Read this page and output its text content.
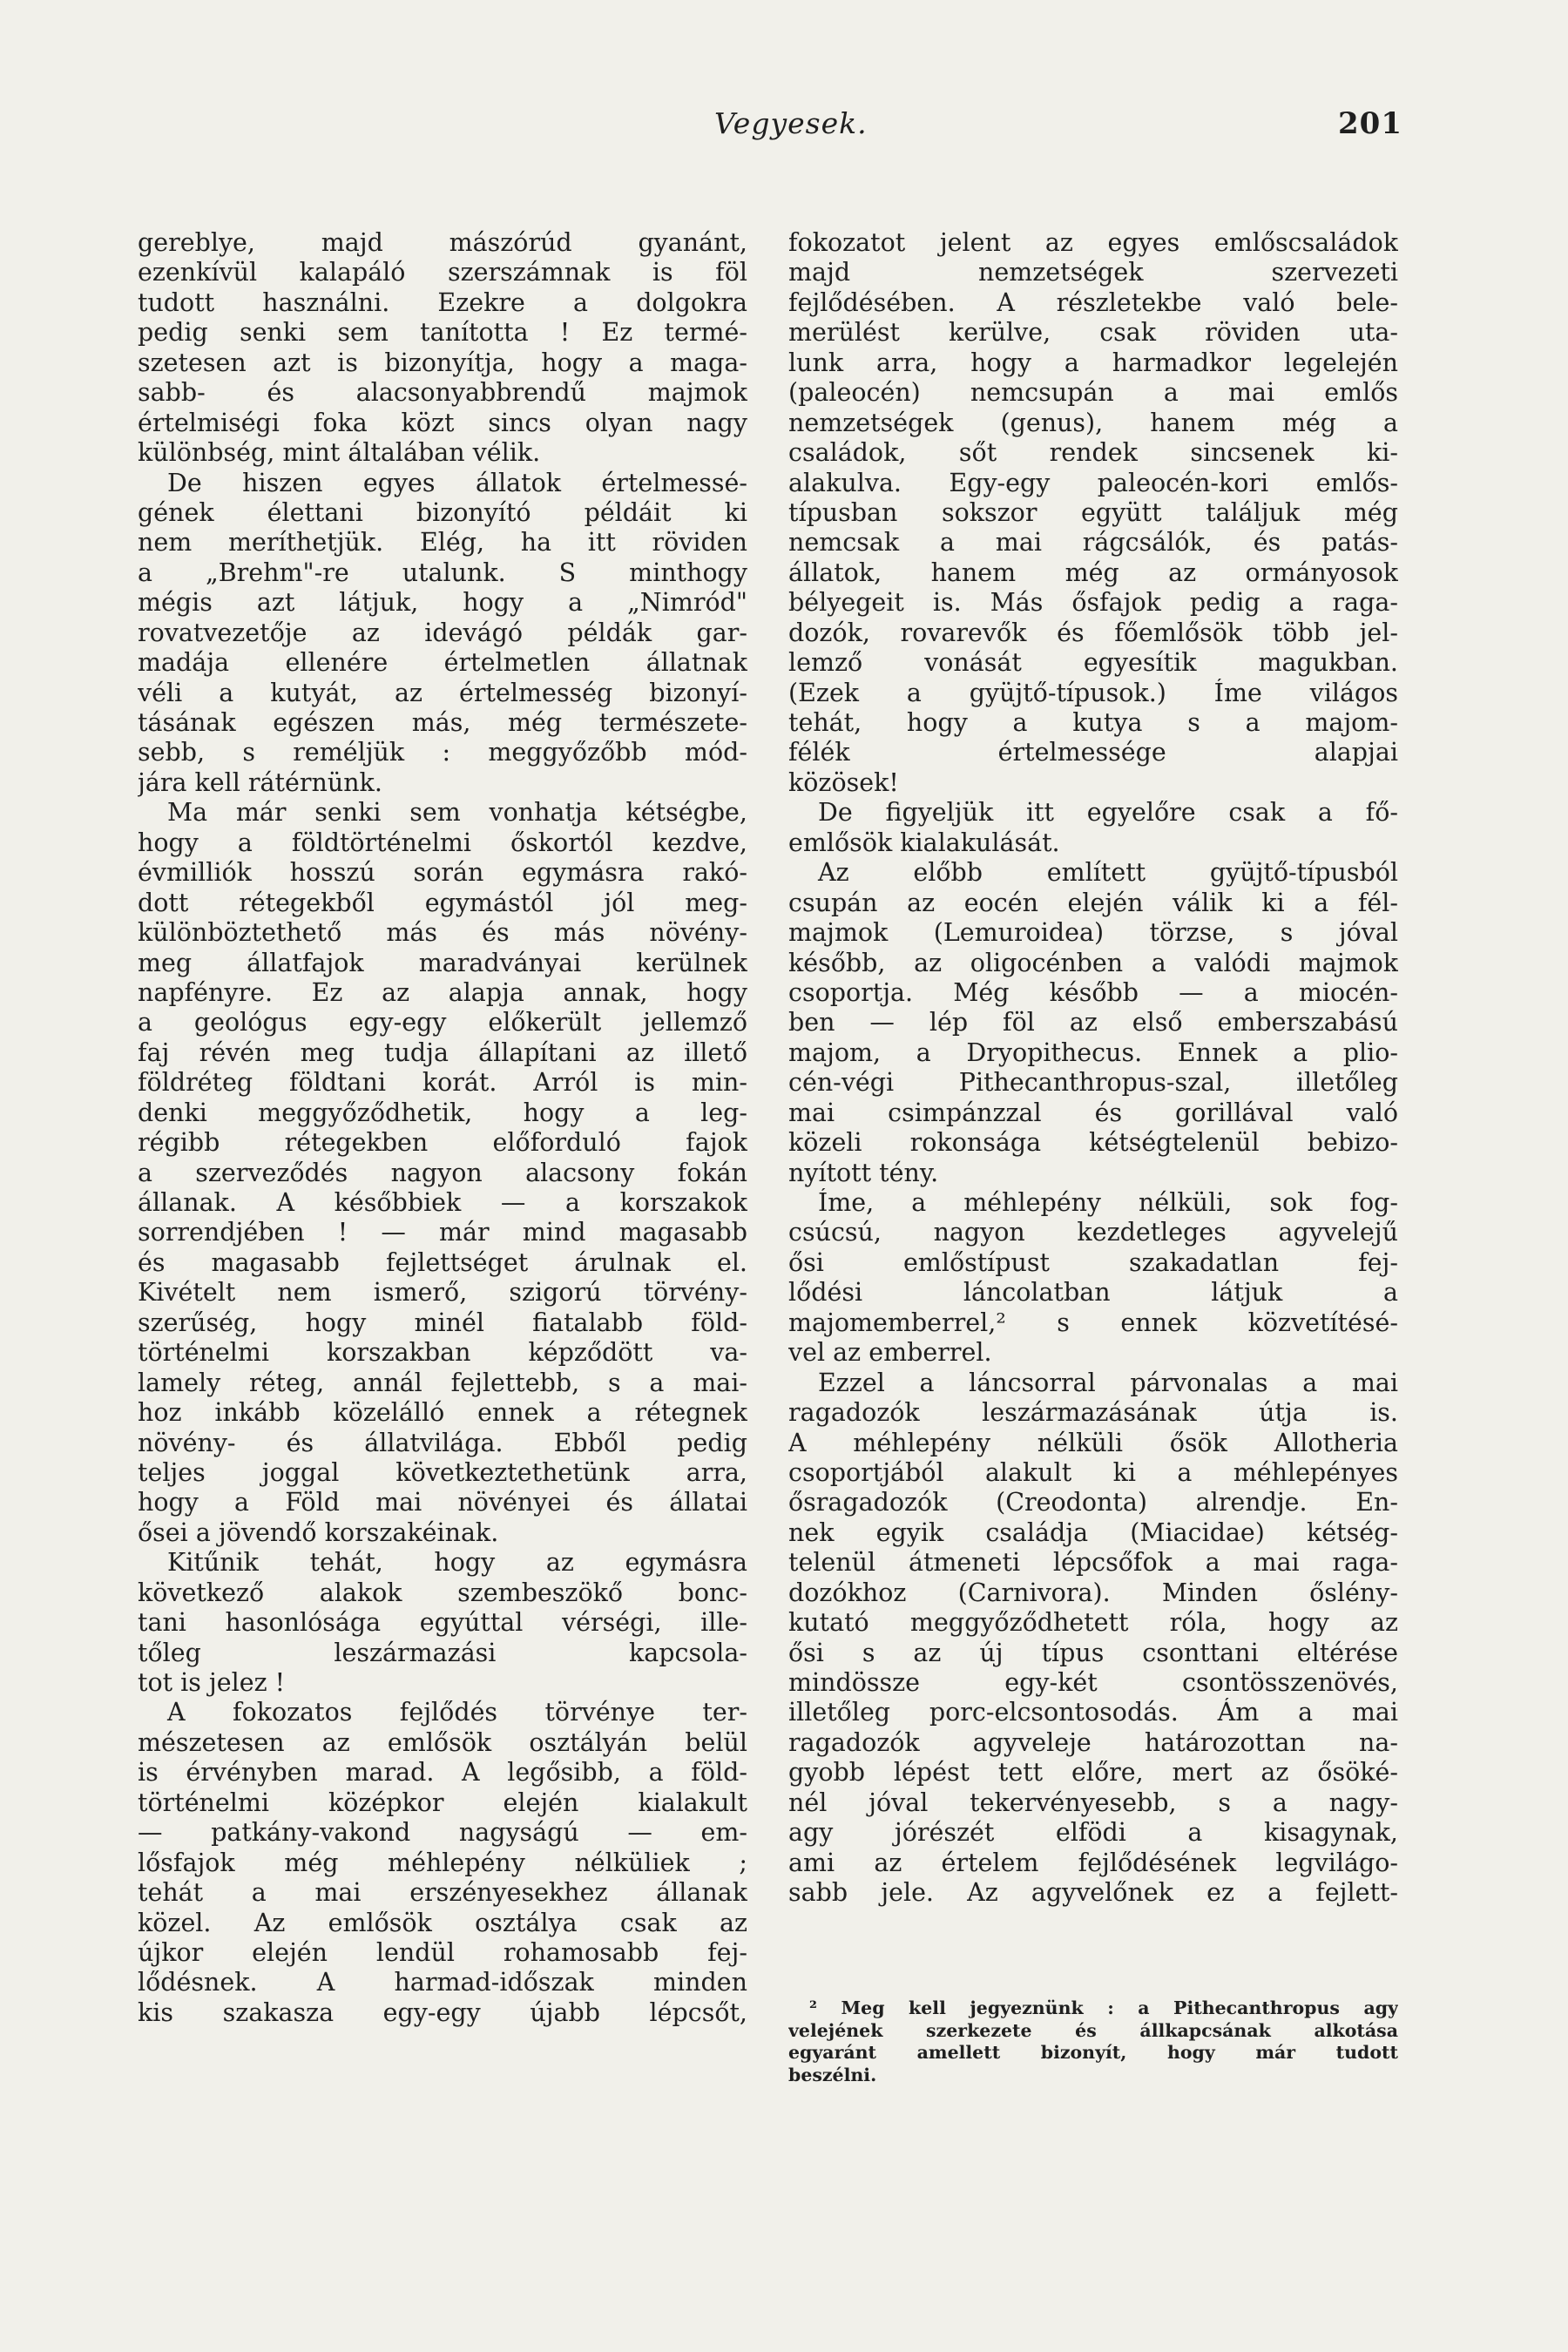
Vegyesek.	201
gereblye, majd mászórúd gyanánt,
ezenkívül kalapáló szerszámnak is föl
tudott használni. Ezekre a dolgokra
pedig senki sem tanította ! Ez termé-
szetesen azt is bizonyítja, hogy a maga-
sabb- és alacsonyabbrendű majmok
értelmiségi foka közt sincs olyan nagy
különbség, mint általában vélik.
De hiszen egyes állatok értelmessé-
gének élettani bizonyító példáit ki
nem meríthetjük. Elég, ha itt röviden
a „Brehm"-re utalunk. S minthogy
mégis azt látjuk, hogy a „Nimród"
rovatvezetője az idevágó példák gar-
madája ellenére értelmetlen állatnak
véli a kutyát, az értelmesség bizonyí-
tásának egészen más, még természete-
sebb, s reméljük : meggyőzőbb mód-
jára kell rátérnünk.
Ma már senki sem vonhatja kétségbe,
hogy a földtörténelmi őskortól kezdve,
évmilliók hosszú során egymásra rakó-
dott rétegekből egymástól jól meg-
különböztethető más és más növény-
meg állatfajok maradványai kerülnek
napfényre. Ez az alapja annak, hogy
a geológus egy-egy előkerült jellemző
faj révén meg tudja állapítani az illető
földréteg földtani korát. Arról is min-
denki meggyőződhetik, hogy a leg-
régibb rétegekben előforduló fajok
a szerveződés nagyon alacsony fokán
állanak. A későbbiek — a korszakok
sorrendjében ! — már mind magasabb
és magasabb fejlettséget árulnak el.
Kivételt nem ismerő, szigorú törvény-
szerűség, hogy minél fiatalabb föld-
történelmi korszakban képződött va-
lamely réteg, annál fejlettebb, s a mai-
hoz inkább közelálló ennek a rétegnek
növény- és állatvilága. Ebből pedig
teljes joggal következtethetünk arra,
hogy a Föld mai növényei és állatai
ősei a jövendő korszakéinak.
Kitűnik tehát, hogy az egymásra
következő alakok szembeszökő bonc-
tani hasonlósága egyúttal vérségi, ille-
tőleg leszármazási kapcsola-
tot is jelez !
A fokozatos fejlődés törvénye ter-
mészetesen az emlősök osztályán belül
is érvényben marad. A legősibb, a föld-
történelmi középkor elején kialakult
— patkány-vakond nagyságú — em-
lősfajok még méhlepény nélküliek ;
tehát a mai erszényesekhez állanak
közel. Az emlősök osztálya csak az
újkor elején lendül rohamosabb fej-
lődésnek. A harmad-időszak minden
kis szakasza egy-egy újabb lépcsőt,
fokozatot jelent az egyes emlőscsaládok
majd nemzetségek szervezeti
fejlődésében. A részletekbe való bele-
merülést kerülve, csak röviden uta-
lunk arra, hogy a harmadkor legelején
(paleocén) nemcsupán a mai emlős
nemzetségek (genus), hanem még a
családok, sőt rendek sincsenek ki-
alakulva. Egy-egy paleocén-kori emlős-
típusban sokszor együtt találjuk még
nemcsak a mai rágcsálók, és patás-
állatok, hanem még az ormányosok
bélyegeit is. Más ősfajok pedig a raga-
dozók, rovarevők és főemlősök több jel-
lemző vonását egyesítik magukban.
(Ezek a gyüjtő-típusok.) Íme világos
tehát, hogy a kutya s a majom-
félék értelmessége alapjai
közösek!
De figyeljük itt egyelőre csak a fő-
emlősök kialakulását.
Az előbb említett gyüjtő-típusból
csupán az eocén elején válik ki a fél-
majmok (Lemuroidea) törzse, s jóval
később, az oligocénben a valódi majmok
csoportja. Még később — a miocén-
ben — lép föl az első emberszabású
majom, a Dryopithecus. Ennek a plio-
cén-végi Pithecanthropus-szal, illetőleg
mai csimpánzzal és gorillával való
közeli rokonsága kétségtelenül bebizo-
nyított tény.
Íme, a méhlepény nélküli, sok fog-
csúcsú, nagyon kezdetleges agyvelejű
ősi emlőstípust szakadatlan fej-
lődési láncolatban látjuk a
majomemberrel,² s ennek közvetítésé-
vel az emberrel.
Ezzel a láncsorral párvonalas a mai
ragadozók leszármazásának útja is.
A méhlepény nélküli ősök Allotheria
csoportjából alakult ki a méhlepényes
ősragadozók (Creodonta) alrendje. En-
nek egyik családja (Miacidae) kétség-
telenül átmeneti lépcsőfok a mai raga-
dozókhoz (Carnivora). Minden őslény-
kutató meggyőződhetett róla, hogy az
ősi s az új típus csonttani eltérése
mindössze egy-két csontösszenövés,
illetőleg porc-elcsontosodás. Ám a mai
ragadozók agyveleje határozottan na-
gyobb lépést tett előre, mert az ősöké-
nél jóval tekervényesebb, s a nagy-
agy jórészét elfödi a kisagynak,
ami az értelem fejlődésének legvilágo-
sabb jele. Az agyvelőnek ez a fejlett-
² Meg kell jegyeznünk : a Pithecanthropus agy
velejének szerkezete és állkapcsának alkotása
egyaránt amellett bizonyít, hogy már tudott
beszélni.
